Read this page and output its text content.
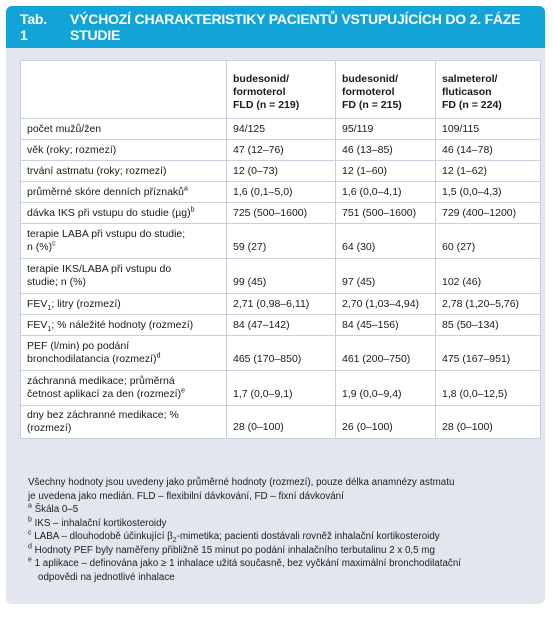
Tab. 1
VÝCHOZÍ CHARAKTERISTIKY PACIENTŮ VSTUPUJÍCÍCH DO 2. FÁZE STUDIE
	budesonid/
formoterol
FLD (n = 219)	budesonid/
formoterol
FD (n = 215)	salmeterol/
fluticason
FD (n = 224)
počet mužů/žen	94/125	95/119	109/115
věk (roky; rozmezí)	47 (12–76)	46 (13–85)	46 (14–78)
trvání astmatu (roky; rozmezí)	12 (0–73)	12 (1–60)	12 (1–62)
průměrné skóre denních příznaků$^a$	1,6 (0,1–5,0)	1,6 (0,0–4,1)	1,5 (0,0–4,3)
dávka IKS při vstupu do studie $(\mu g)^b$	725 (500–1600)	751 (500–1600)	729 (400–1200)
terapie LABA při vstupu do studie;
n (%)$^c$	59 (27)	64 (30)	60 (27)
terapie IKS/LABA při vstupu do
studie; n (%)	99 (45)	97 (45)	102 (46)
$FEV_1$; litry (rozmezí)	2,71 (0,98–6,11)	2,70 (1,03–4,94)	2,78 (1,20–5,76)
$FEV_1$; % náležité hodnoty (rozmezí)	84 (47–142)	84 (45–156)	85 (50–134)
PEF (l/min) po podání
bronchodilatancia (rozmezí)$^d$	465 (170–850)	461 (200–750)	475 (167–951)
záchranná medikace; průměrná
četnost aplikací za den (rozmezí)$^e$	1,7 (0,0–9,1)	1,9 (0,0–9,4)	1,8 (0,0–12,5)
dny bez záchranné medikace; %
(rozmezí)	28 (0–100)	26 (0–100)	28 (0–100)

Všechny hodnoty jsou uvedeny jako průměrné hodnoty (rozmezí), pouze délka anamnézy astmatu
je uvedena jako medián. FLD – flexibilní dávkování, FD – fixní dávkování

$^a$ Škála 0–5

$^b$ IKS – inhalační kortikosteroidy

$^c$ LABA – dlouhodobě účinkující $\beta_2$-mimetika; pacienti dostávali rovněž inhalační kortikosteroidy

$^d$ Hodnoty PEF byly naměřeny přibližně 15 minut po podání inhalačního terbutalinu 2 x 0,5 mg

$^e$ 1 aplikace – definována jako ≥ 1 inhalace užitá současně, bez vyčkání maximální bronchodilatační

odpovědi na jednotlivé inhalace
